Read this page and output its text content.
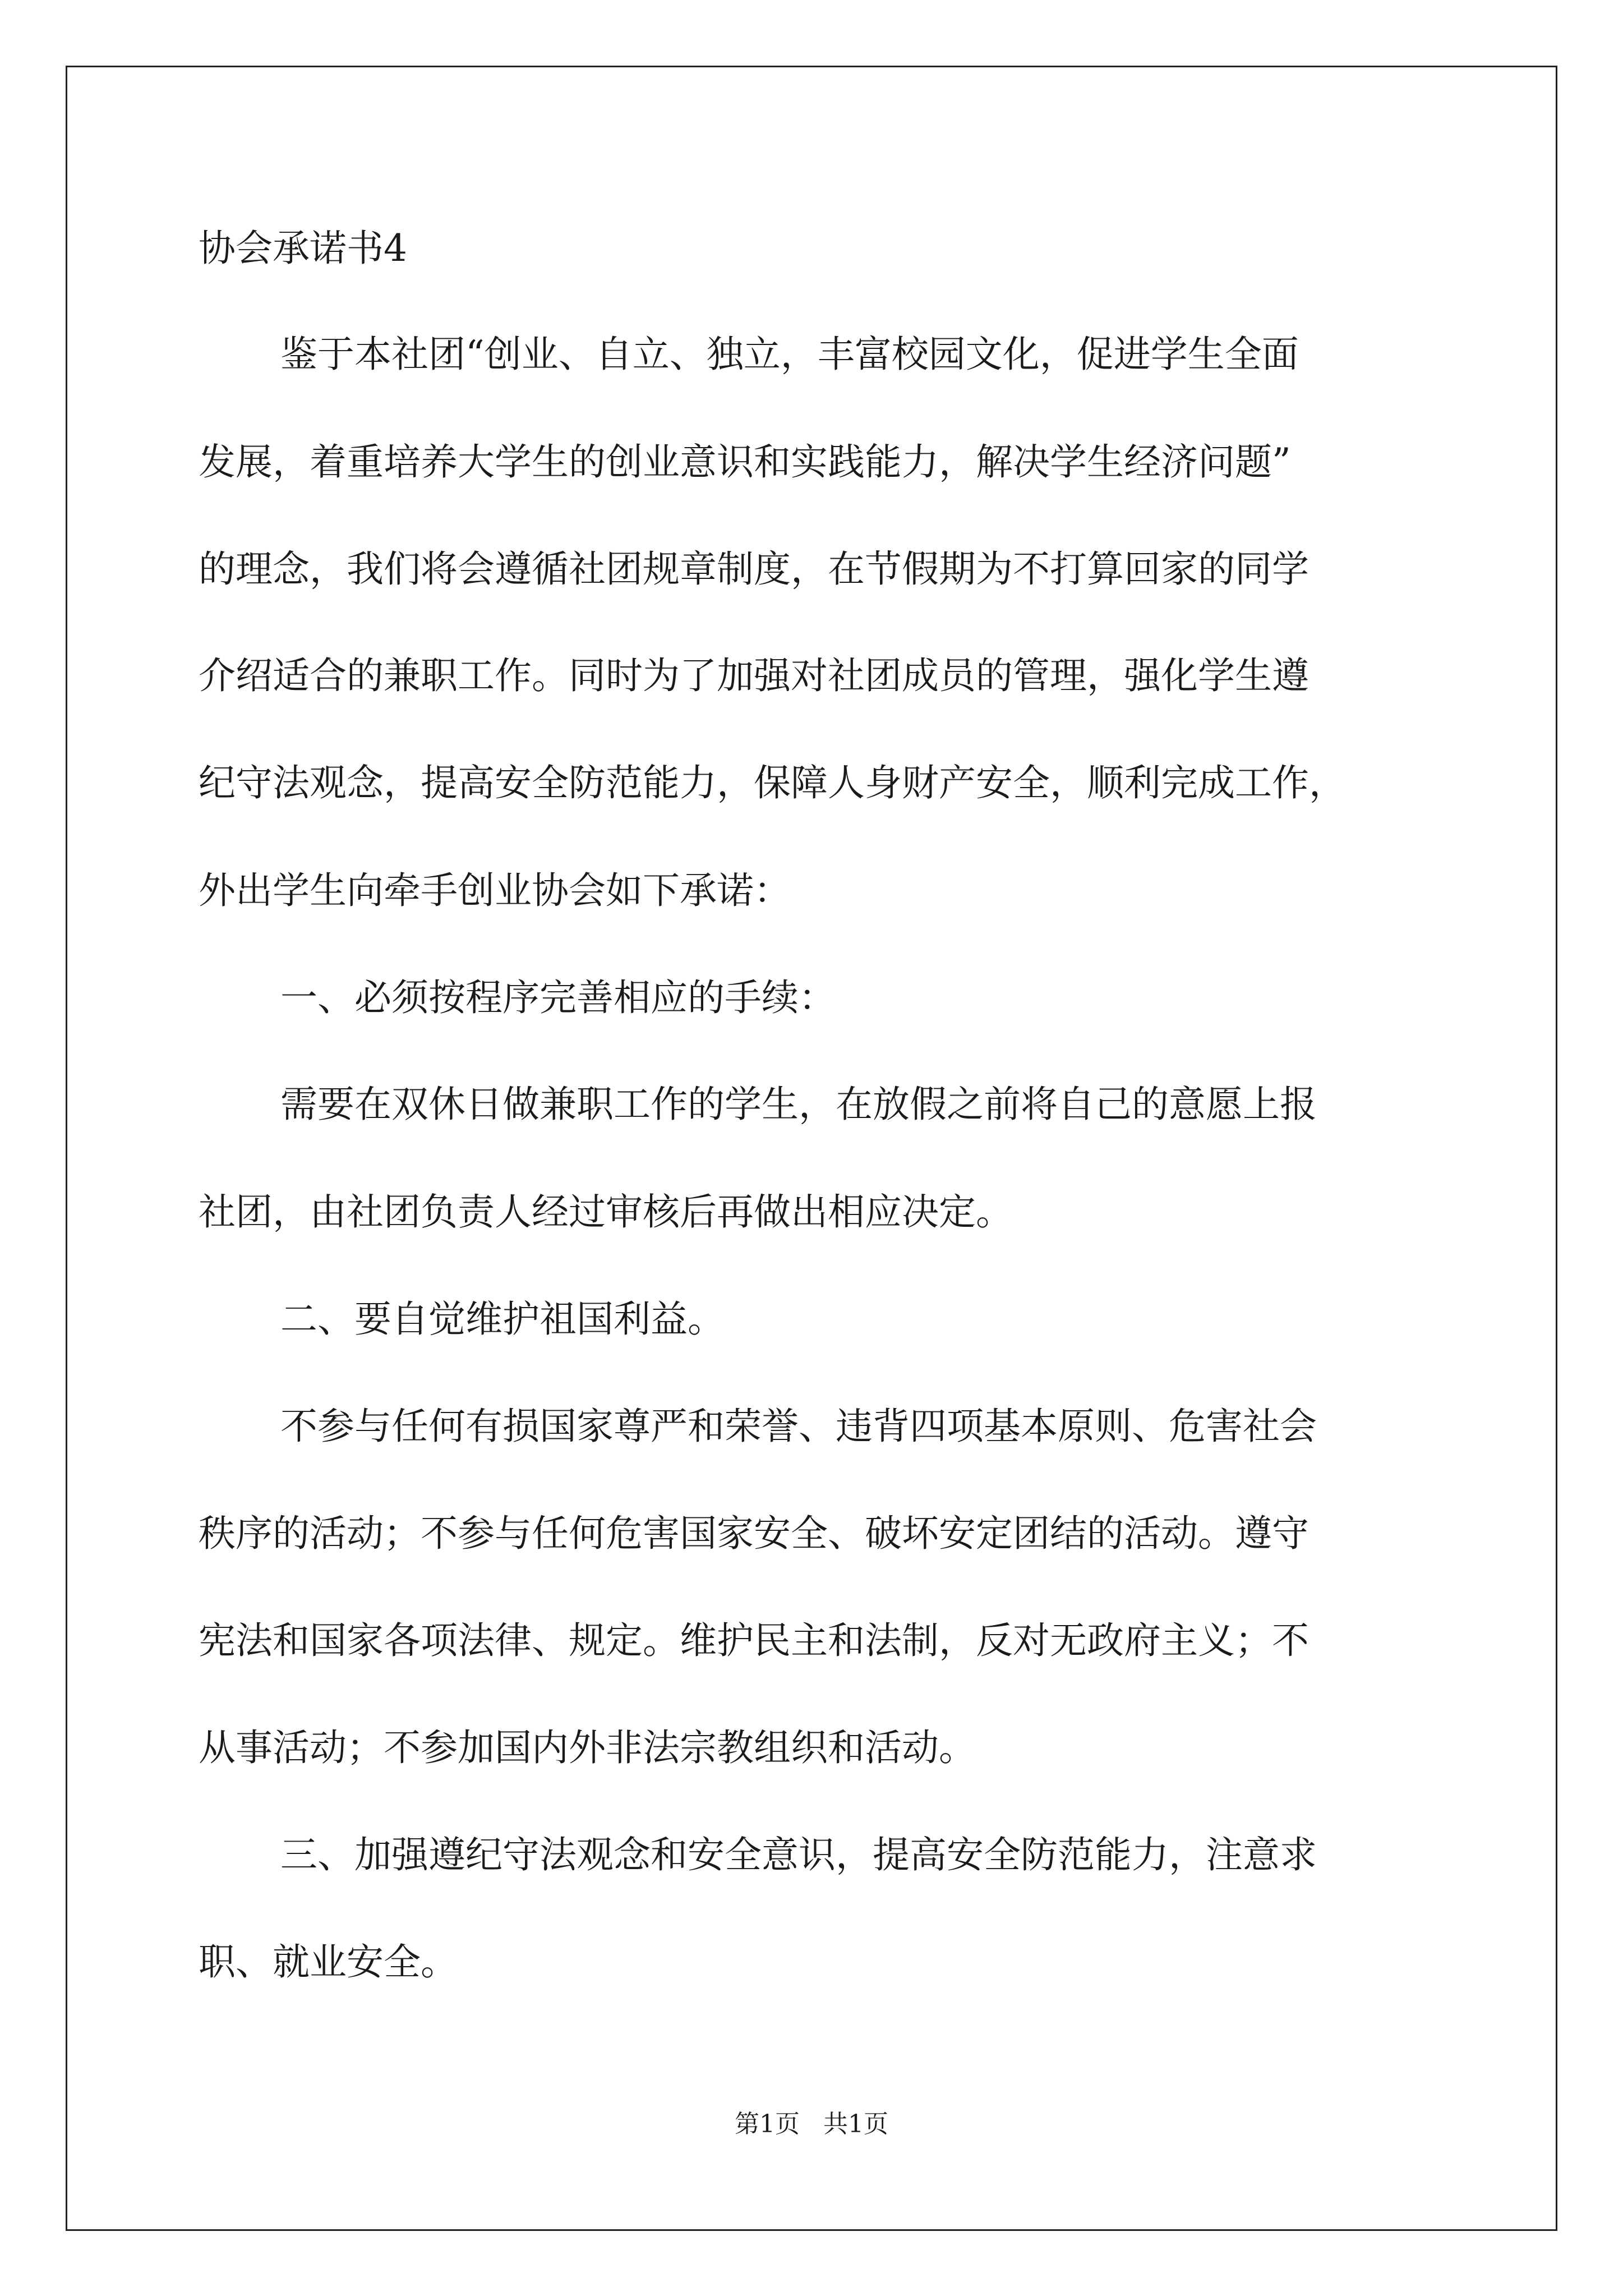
协会承诺书4

鉴于本社团“创业、自立、独立，丰富校园文化，促进学生全面

发展，着重培养大学生的创业意识和实践能力，解决学生经济问题”

的理念，我们将会遵循社团规章制度，在节假期为不打算回家的同学

介绍适合的兼职工作。同时为了加强对社团成员的管理，强化学生遵

纪守法观念，提高安全防范能力，保障人身财产安全，顺利完成工作，

外出学生向牵手创业协会如下承诺：

一、必须按程序完善相应的手续：

需要在双休日做兼职工作的学生，在放假之前将自己的意愿上报

社团，由社团负责人经过审核后再做出相应决定。

二、要自觉维护祖国利益。

不参与任何有损国家尊严和荣誉、违背四项基本原则、危害社会

秩序的活动；不参与任何危害国家安全、破坏安定团结的活动。遵守

宪法和国家各项法律、规定。维护民主和法制，反对无政府主义；不

从事活动；不参加国内外非法宗教组织和活动。

三、加强遵纪守法观念和安全意识，提高安全防范能力，注意求

职、就业安全。

第1页   共1页
